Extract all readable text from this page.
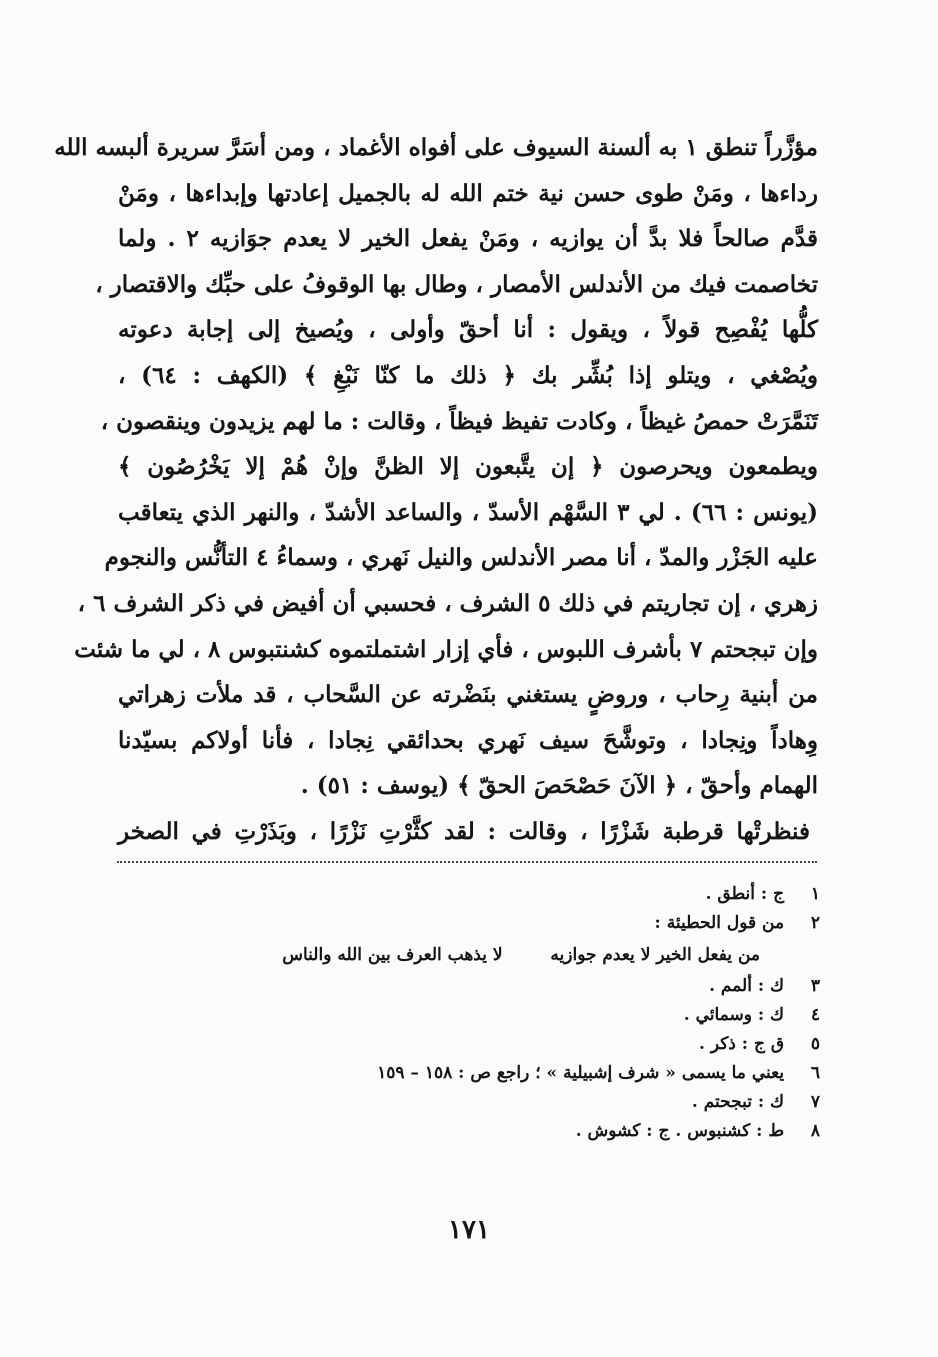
مؤزَّراً تنطق ١ به ألسنة السيوف على أفواه الأغماد ، ومن أسَرَّ سريرة ألبسه الله
رداءها ، ومَنْ طوى حسن نية ختم الله له بالجميل إعادتها وإبداءها ، ومَنْ
قدَّم صالحاً فلا بدَّ أن يوازيه ، ومَنْ يفعل الخير لا يعدم جوَازيه ٢ . ولما
تخاصمت فيك من الأندلس الأمصار ، وطال بها الوقوفُ على حبِّك والاقتصار ،
كلُّها يُفْصِح قولاً ، ويقول : أنا أحقّ وأولى ، ويُصيخ إلى إجابة دعوته
ويُصْغي ، ويتلو إذا بُشِّر بك ﴿ ذلك ما كنّا نَبْغِ ﴾ (الكهف : ٦٤) ،
تَنَمَّرَتْ حمصُ غيظاً ، وكادت تفيظ فيظاً ، وقالت : ما لهم يزيدون وينقصون ،
ويطمعون ويحرصون ﴿ إن يتَّبعون إلا الظنَّ وإنْ هُمْ إلا يَخْرُصُون ﴾
(يونس : ٦٦) . لي ٣ السَّهْم الأسدّ ، والساعد الأشدّ ، والنهر الذي يتعاقب
عليه الجَزْر والمدّ ، أنا مصر الأندلس والنيل نَهري ، وسماءُ ٤ التأنُّس والنجوم
زهري ، إن تجاريتم في ذلك ٥ الشرف ، فحسبي أن أفيض في ذكر الشرف ٦ ،
وإن تبجحتم ٧ بأشرف اللبوس ، فأي إزار اشتملتموه كشنتبوس ٨ ، لي ما شئت
من أبنية رِحاب ، وروضٍ يستغني بنَضْرته عن السَّحاب ، قد ملأت زهراتي
وِهاداً ونِجادا ، وتوشَّحَ سيف نَهري بحدائقي نِجادا ، فأنا أولاكم بسيّدنا
الهمام وأحقّ ، ﴿ الآنَ حَصْحَصَ الحقّ ﴾ (يوسف : ٥١) .
فنظرتْها قرطبة شَزْرًا ، وقالت : لقد كثَّرْتِ نَزْرًا ، وبَذَرْتِ في الصخر
١ ج : أنطق .
٢ من قول الحطيئة :
من يفعل الخير لا يعدم جوازيه  لا يذهب العرف بين الله والناس
٣ ك : ألمم .
٤ ك : وسمائي .
٥ ق ج : ذكر .
٦ يعني ما يسمى « شرف إشبيلية » ؛ راجع ص : ١٥٨ – ١٥٩
٧ ك : تبجحتم .
٨ ط : كشنبوس . ج : كشوش .
١٧١
